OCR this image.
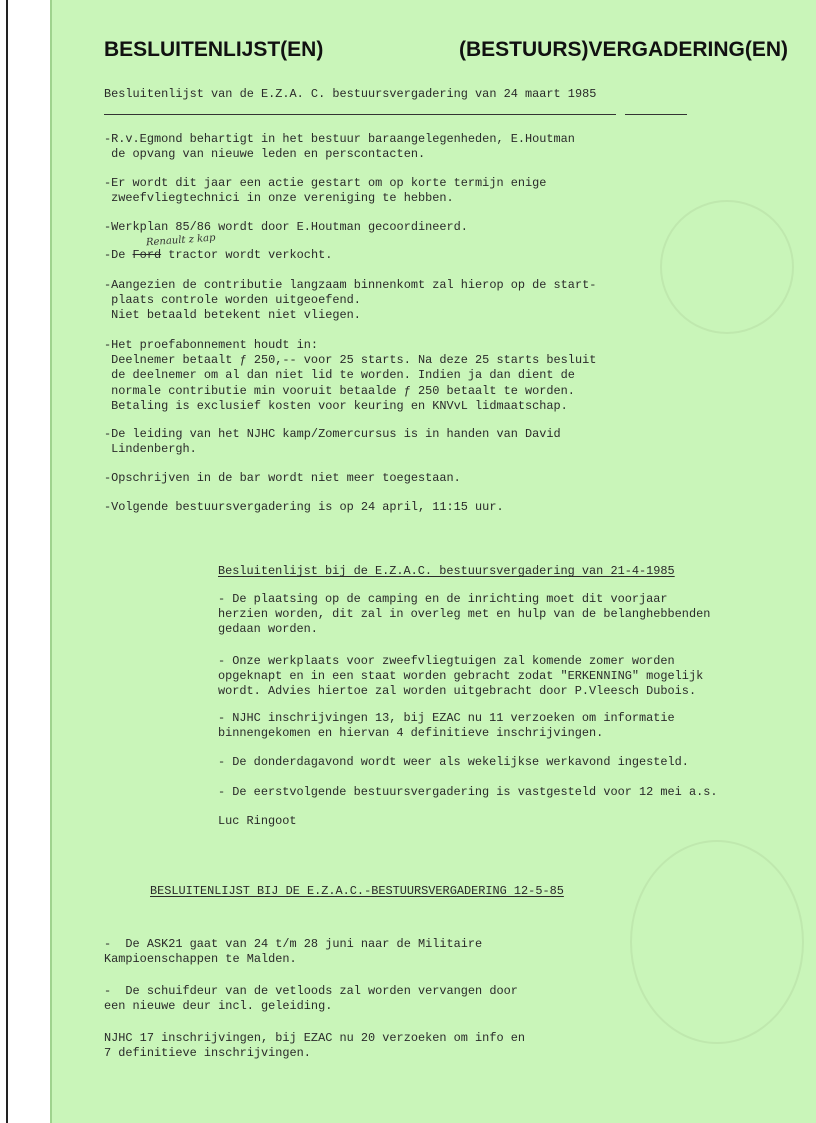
BESLUITENLIJST(EN)	(BESTUURS)VERGADERING(EN)
Besluitenlijst van de E.Z.A. C. bestuursvergadering van 24 maart 1985
-R.v.Egmond behartigt in het bestuur baraangelegenheden, E.Houtman
de opvang van nieuwe leden en perscontacten.
-Er wordt dit jaar een actie gestart om op korte termijn enige
zweefvliegtechnici in onze vereniging te hebben.
-Werkplan 85/86 wordt door E.Houtman gecoordineerd.
Renault z kap
-De Ford tractor wordt verkocht.
-Aangezien de contributie langzaam binnenkomt zal hierop op de start-
plaats controle worden uitgeoefend.
Niet betaald betekent niet vliegen.
-Het proefabonnement houdt in:
Deelnemer betaalt ƒ 250,-- voor 25 starts. Na deze 25 starts besluit
de deelnemer om al dan niet lid te worden. Indien ja dan dient de
normale contributie min vooruit betaalde ƒ 250 betaalt te worden.
Betaling is exclusief kosten voor keuring en KNVvL lidmaatschap.
-De leiding van het NJHC kamp/Zomercursus is in handen van David
Lindenbergh.
-Opschrijven in de bar wordt niet meer toegestaan.
-Volgende bestuursvergadering is op 24 april, 11:15 uur.
Besluitenlijst bij de E.Z.A.C. bestuursvergadering van 21-4-1985
- De plaatsing op de camping en de inrichting moet dit voorjaar
herzien worden, dit zal in overleg met en hulp van de belanghebbenden
gedaan worden.
- Onze werkplaats voor zweefvliegtuigen zal komende zomer worden
opgeknapt en in een staat worden gebracht zodat "ERKENNING" mogelijk
wordt. Advies hiertoe zal worden uitgebracht door P.Vleesch Dubois.
- NJHC inschrijvingen 13, bij EZAC nu 11 verzoeken om informatie
binnengekomen en hiervan 4 definitieve inschrijvingen.
- De donderdagavond wordt weer als wekelijkse werkavond ingesteld.
- De eerstvolgende bestuursvergadering is vastgesteld voor 12 mei a.s.
Luc Ringoot
BESLUITENLIJST BIJ DE E.Z.A.C.-BESTUURSVERGADERING 12-5-85
-  De ASK21 gaat van 24 t/m 28 juni naar de Militaire
Kampioenschappen te Malden.
-  De schuifdeur van de vetloods zal worden vervangen door
een nieuwe deur incl. geleiding.
NJHC 17 inschrijvingen, bij EZAC nu 20 verzoeken om info en
7 definitieve inschrijvingen.
